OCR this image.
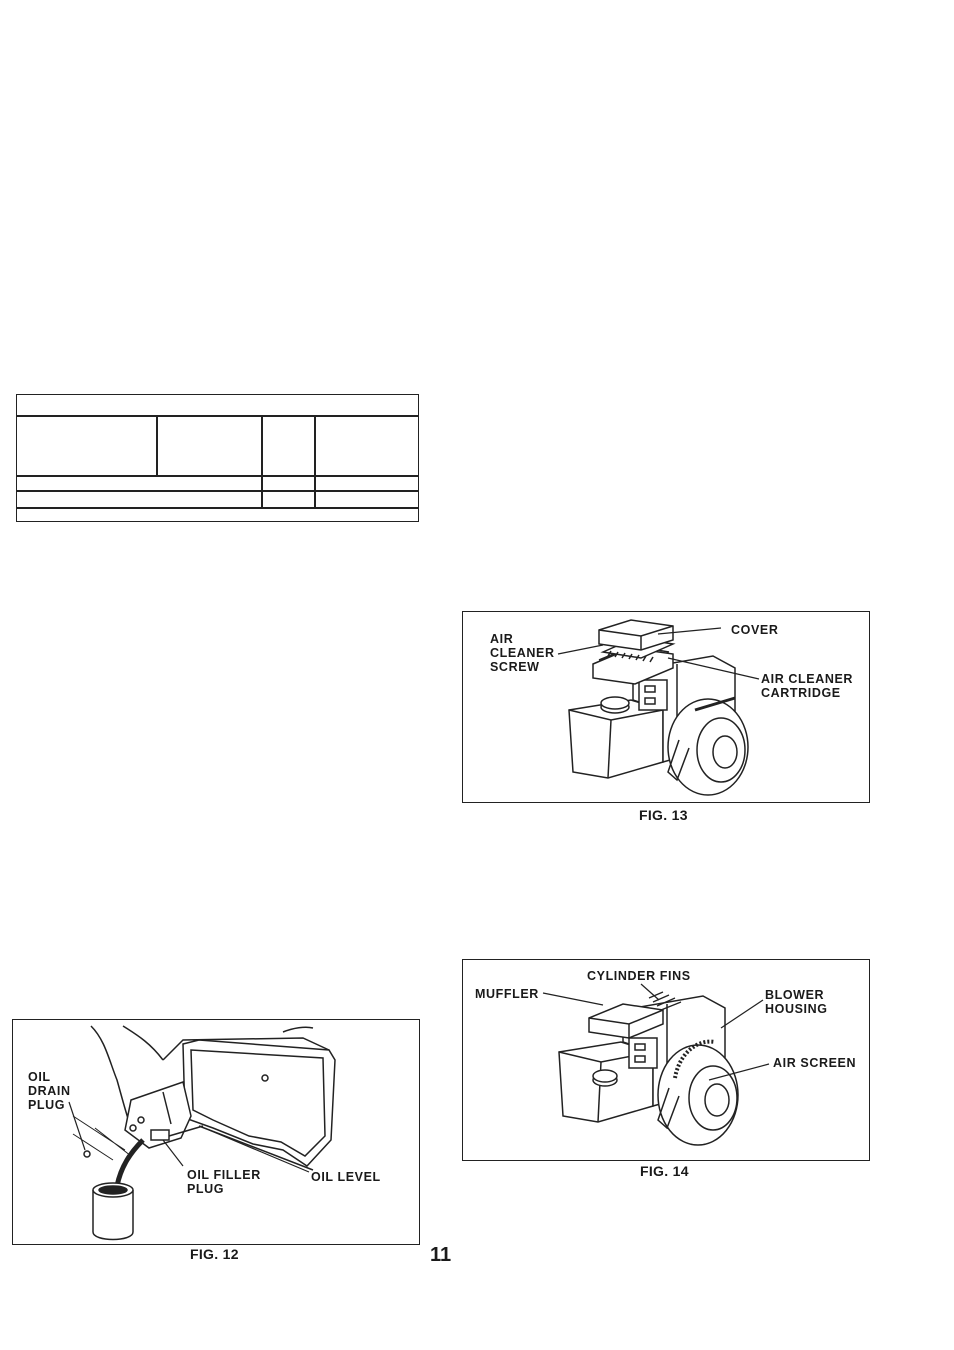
AIR
CLEANER
SCREW
COVER
AIR CLEANER
CARTRIDGE
FIG. 13
MUFFLER
CYLINDER FINS
BLOWER
HOUSING
AIR SCREEN
FIG. 14
OIL
DRAIN
PLUG
OIL FILLER
PLUG
OIL LEVEL
FIG. 12	11
